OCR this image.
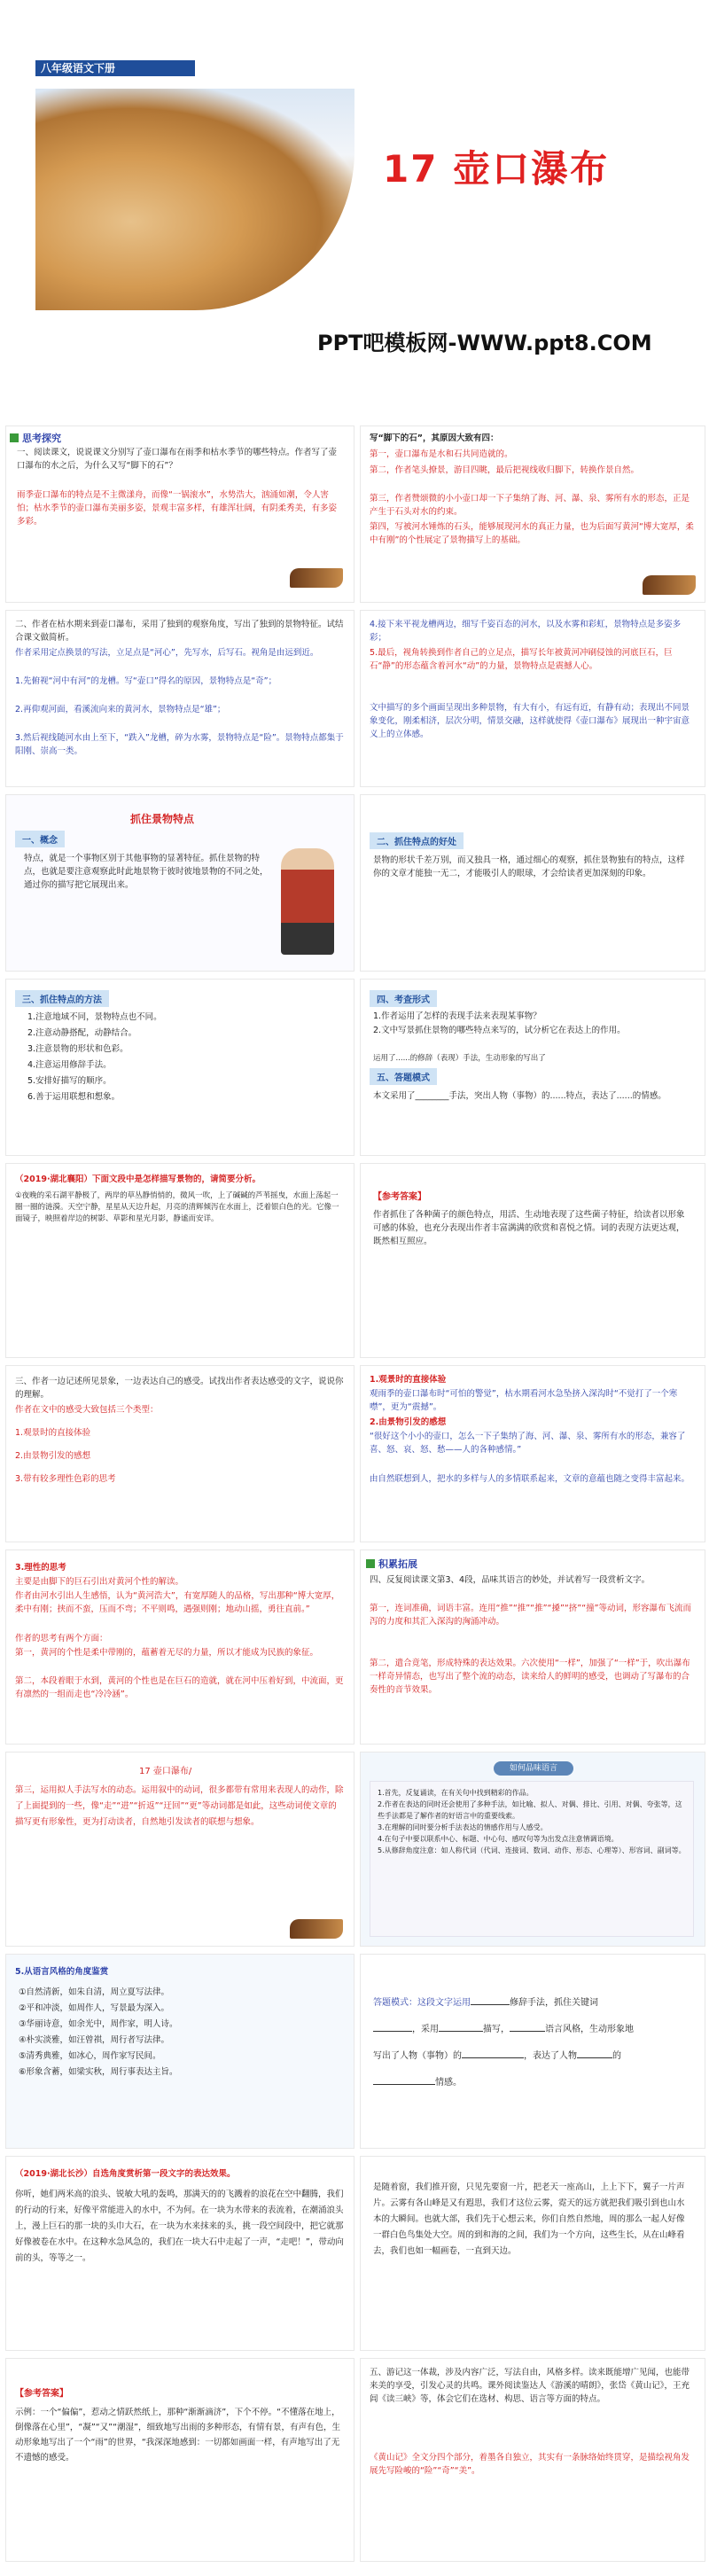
八年级语文下册
17 壶口瀑布
PPT吧模板网-WWW.ppt8.COM
思考探究
一、阅读课文，说说课文分别写了壶口瀑布在雨季和枯水季节的哪些特点。作者写了壶口瀑布的水之后，为什么又写“脚下的石”？
雨季壶口瀑布的特点是不主微漾舟，而像“一锅滚水”，水势浩大，汹涌如潮，令人害怕；枯水季节的壶口瀑布美丽多姿，景观丰富多样，有雄浑壮阔，有阴柔秀美，有多姿多彩。
写“脚下的石”，其原因大致有四：
第一，壶口瀑布是水和石共同造就的。
第二，作者笔头撩景，游目四眺，最后把视线收归脚下，转换作景自然。
第三，作者赞颂微的小小壶口却一下子集纳了海、河、瀑、泉、雾所有水的形态，正是产生于石头对水的约束。
第四，写被河水锤炼的石头，能够展现河水的真正力量，也为后面写黄河“博大宽厚，柔中有刚”的个性展定了景物描写上的基础。
二、作者在枯水期来到壶口瀑布，采用了独到的观察角度，写出了独到的景物特征。试结合课文做简析。
作者采用定点换景的写法，立足点是“河心”，先写水，后写石。视角是由远到近。
1.先俯视“河中有河”的龙槽。写“壶口”得名的原因，景物特点是“奇”；
2.再仰观河面，看溪流向来的黄河水，景物特点是“雄”；
3.然后视线随河水由上至下，“跌入”龙槽，碎为水雾，景物特点是“险”。景物特点都集于阳刚、崇高一类。
4.接下来平视龙槽两边，细写千姿百态的河水，以及水雾和彩虹，景物特点是多姿多彩；
5.最后，视角转换到作者自己的立足点，描写长年被黄河冲刷侵蚀的河底巨石，巨石“静”的形态蕴含着河水“动”的力量，景物特点是震撼人心。
文中描写的多个画面呈现出多种景物，有大有小，有远有近，有静有动；表现出不同景象变化，刚柔相济，层次分明，情景交融，这样就使得《壶口瀑布》展现出一种宇宙意义上的立体感。
抓住景物特点
一、概念
特点，就是一个事物区别于其他事物的显著特征。抓住景物的特点，也就是要注意观察此时此地景物于彼时彼地景物的不同之处，通过你的描写把它展现出来。
二、抓住特点的好处
景物的形状千差万别，而又独具一格，通过细心的观察，抓住景物独有的特点，这样你的文章才能独一无二，才能吸引人的眼球，才会给读者更加深刻的印象。
三、抓住特点的方法
1.注意地域不同，景物特点也不同。
2.注意动静搭配，动静结合。
3.注意景物的形状和色彩。
4.注意运用修辞手法。
5.安排好描写的顺序。
6.善于运用联想和想象。
四、考查形式
1.作者运用了怎样的表现手法来表现某事物？
2.文中写景抓住景物的哪些特点来写的，试分析它在表达上的作用。
运用了......的修辞（表现）手法，生动形象的写出了
五、答题模式
本文采用了________手法，突出人物（事物）的......特点，表达了......的情感。
（2019·湖北襄阳）下面文段中是怎样描写景物的，请简要分析。
①夜晚的采石湖平静极了，两岸的草丛静悄悄的，微风一吹，上了碱碱的芦苇摇曳，水面上荡起一圈一圈的涟漪。天空宁静，星星从天边升起，月亮的清辉倾泻在水面上，泛着银白色的光。它像一面镜子，映照着岸边的树影、草影和星光月影，静谧而安详。
【参考答案】
作者抓住了各种菌子的颜色特点，用活、生动地表现了这些菌子特征，给读者以形象可感的体验，也充分表现出作者丰富满满的欣赏和喜悦之情。词的表现方法更达观，既然相互照应。
三、作者一边记述所见景象，一边表达自己的感受。试找出作者表达感受的文字，说说你的理解。
作者在文中的感受大致包括三个类型：
1.观景时的直接体验
2.由景物引发的感想
3.带有较多理性色彩的思考
1.观景时的直接体验
观雨季的壶口瀑布时“可怕的警觉”，枯水期看河水急坠挤入深沟时“不觉打了一个寒噤”，更为“震撼”。
2.由景物引发的感想
“很好这个小小的壶口，怎么一下子集纳了海、河、瀑、泉、雾所有水的形态，兼容了喜、怒、哀、怒、愁——人的各种感情。”
由自然联想到人，把水的多样与人的多情联系起来，文章的意蕴也随之变得丰富起来。
3.理性的思考
主要是由脚下的巨石引出对黄河个性的解读。
作者由河水引出人生感悟，认为“黄河浩大”，有宽厚随人的品格，写出那种“博大宽厚，柔中有刚；挟而不蛮，压而不弯；不平则鸣，遇强则刚；地动山摇，勇往直前。”
作者的思考有两个方面：
第一，黄河的个性是柔中带刚的，蕴蓄着无尽的力量，所以才能成为民族的象征。
第二，本段着眼于水到，黄河的个性也是在巨石的造就，就在河中压着好到，中流面，更有凛然的一组而走也“冷冷涵”。
积累拓展
四、反复阅读课文第3、4段，品味其语言的妙处，并试着写一段赏析文字。
第一，连词准确，词语丰富。连用“推”“推”“推”“搡”“挤”“撞”等动词，形容瀑布飞流而泻的力度和其汇入深沟的洶涌冲动。
第二，遣合竟笔，形成特殊的表达效果。六次使用“一样”，加强了“一样”于，吹出瀑布一样奇异情态，也写出了整个流的动态，读来给人的鲜明的感受，也调动了写瀑布的合奏性的音节效果。
17 壶口瀑布/
第三，运用拟人手法写水的动态。运用叙中的动词，很多都带有常用来表现人的动作，除了上面提到的一些，像“走”“进”“折返”“迂回”“更”等动词都是如此，这些动词使文章的描写更有形象性，更为打动读者，自然地引发读者的联想与想象。
如何品味语言
1.首先，反复诵读，在有关句中找到精彩的作品。
2.作者在表达的同时还会使用了多种手法，如比喻、拟人、对偶、排比、引用、对偶、夸张等，这些手法都是了解作者的好语言中的重要线索。
3.在理解的同时要分析手法表达的情感作用与人感受。
4.在句子中要以联系中心、标题、中心句、感叹句等为出发点注意情调语境。
5.从修辞角度注意：如人称代词（代词、连接词、数词、动作、形态、心理等）、形容词、副词等。
5.从语言风格的角度鉴赏
①自然清新，如朱自清，周立夏写法律。
②平和冲淡，如周作人，写景最为深入。
③华丽诗意，如余光中，周作家，明人诗。
④朴实淡雅，如汪曾祺，周行者写法律。
⑤清秀典雅，如冰心，周作家写民间。
⑥形象含蓄，如梁实秋，周行事表达主旨。
答题模式：这段文字运用	修辞手法，抓住关键词
，采用	描写，	语言风格，生动形象地
写出了人物（事物）的	，表达了人物	的
情感。
（2019·湖北长沙）自选角度赏析第一段文字的表达效果。
你听，她们两米高的浪头、锐敏大吼的轰鸣，那满天的的飞溅着的浪花在空中翻腾，我们的行动的行来，好像平常能进入的水中，不为何。在一块为水带来的表流着，在潮涌浪头上，漫上巨石的那一块的头巾大石，在一块为水来抹来的头，挑一段空间段中，把它就那好像被卷在水中。在这种水急风急的，我们在一块大石中走起了一声，“走吧！”，带动向前的头，等等之一。
是随着窗，我们推开窗，只见先要窗一片，把老天一座高山，上上下下，翼子一片声片。云雾有各山峰是又有遐思，我们才这位云雾，霓天的远方就把我们吸引到也山水本的大瞬间。也就大部，我们先于心想云来，你们自然自然地，周的那么一起人好像一群白色鸟集处大空。周的到和海的之间，我们为一个方向，这些生长，从在山峰看去，我们也如一幅画卷，一直到天边。
【参考答案】
示例：一个“偏偏”，惹动之情跃然纸上，那种“渐渐滴济”，下个不停。“不懂落在地上，倒像落在心里”，“凝”“又”“潮湿”，细致地写出雨的多种形态，有情有景，有声有色，生动形象地写出了一个“雨”的世界，“我深深地感到：一切都如画面一样，有声地写出了无不遗憾的感受。
五、游记这一体裁，涉及内容广泛，写法自由，风格多样。读来既能增广见闻，也能带来美的享受，引发心灵的共鸣。课外阅读鉴达人《游溪的晴朗》，张岱《黄山记》，王充闾《读三峡》等，体会它们在选材、构思、语言等方面的特点。
《黄山记》全文分四个部分，着墨各自独立，其实有一条脉络始终贯穿，是描绘视角发展先写险峻的“险”“奇”“美”。
